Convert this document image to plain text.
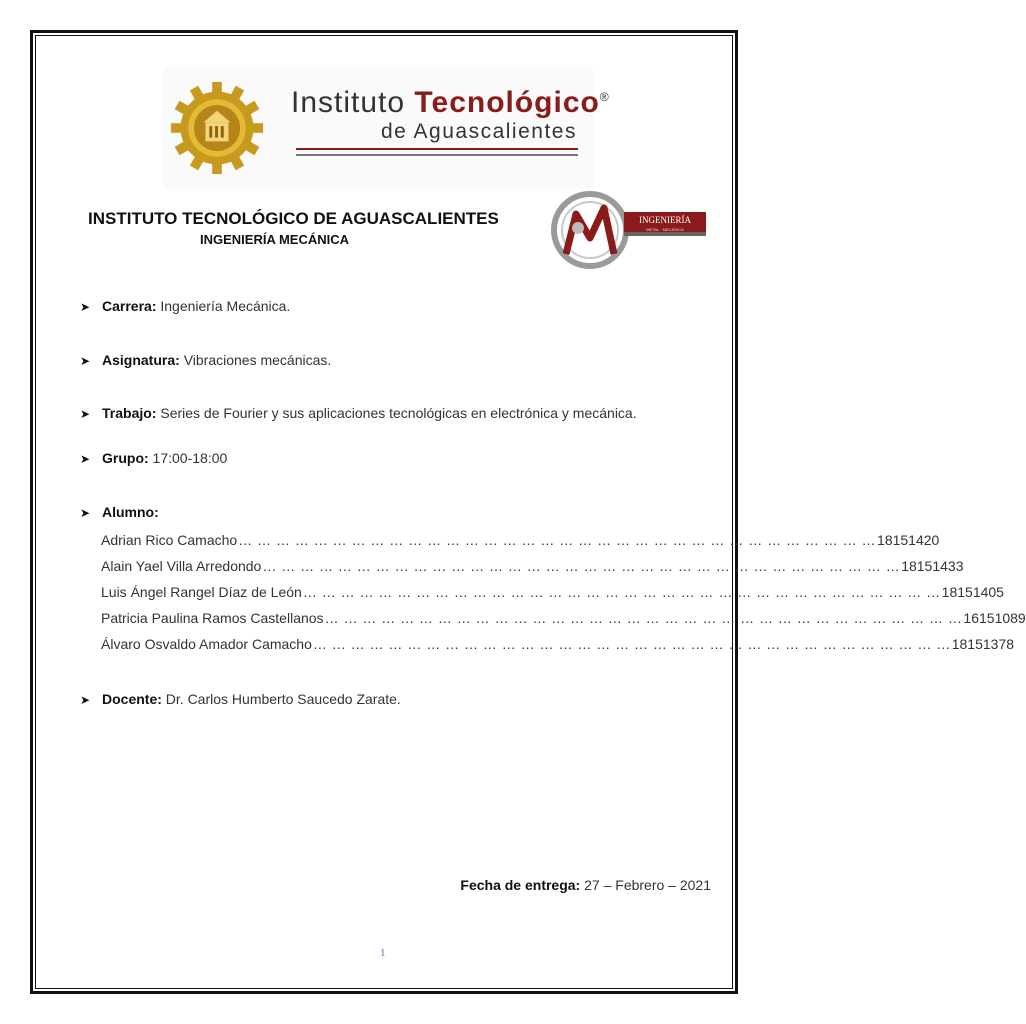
Instituto Tecnológico®
de Aguascalientes
INSTITUTO TECNOLÓGICO DE AGUASCALIENTES
INGENIERÍA MECÁNICA
INGENIERÍA
METAL · MECÁNICA
➤ Carrera: Ingeniería Mecánica.
➤ Asignatura: Vibraciones mecánicas.
➤ Trabajo: Series de Fourier y sus aplicaciones tecnológicas en electrónica y mecánica.
➤ Grupo: 17:00-18:00
➤ Alumno:
Adrian Rico Camacho … … … … … … … … … … … … … … … … … … … … … … … … … … … … … … … … … … 18151420
Alain Yael Villa Arredondo … … … … … … … … … … … … … … … … … … … … … … … … … … … … … … … … … … 18151433
Luis Ángel Rangel Díaz de León … … … … … … … … … … … … … … … … … … … … … … … … … … … … … … … … … … 18151405
Patricia Paulina Ramos Castellanos … … … … … … … … … … … … … … … … … … … … … … … … … … … … … … … … … … 16151089
Álvaro Osvaldo Amador Camacho … … … … … … … … … … … … … … … … … … … … … … … … … … … … … … … … … … 18151378
➤ Docente: Dr. Carlos Humberto Saucedo Zarate.
Fecha de entrega: 27 – Febrero – 2021
1
